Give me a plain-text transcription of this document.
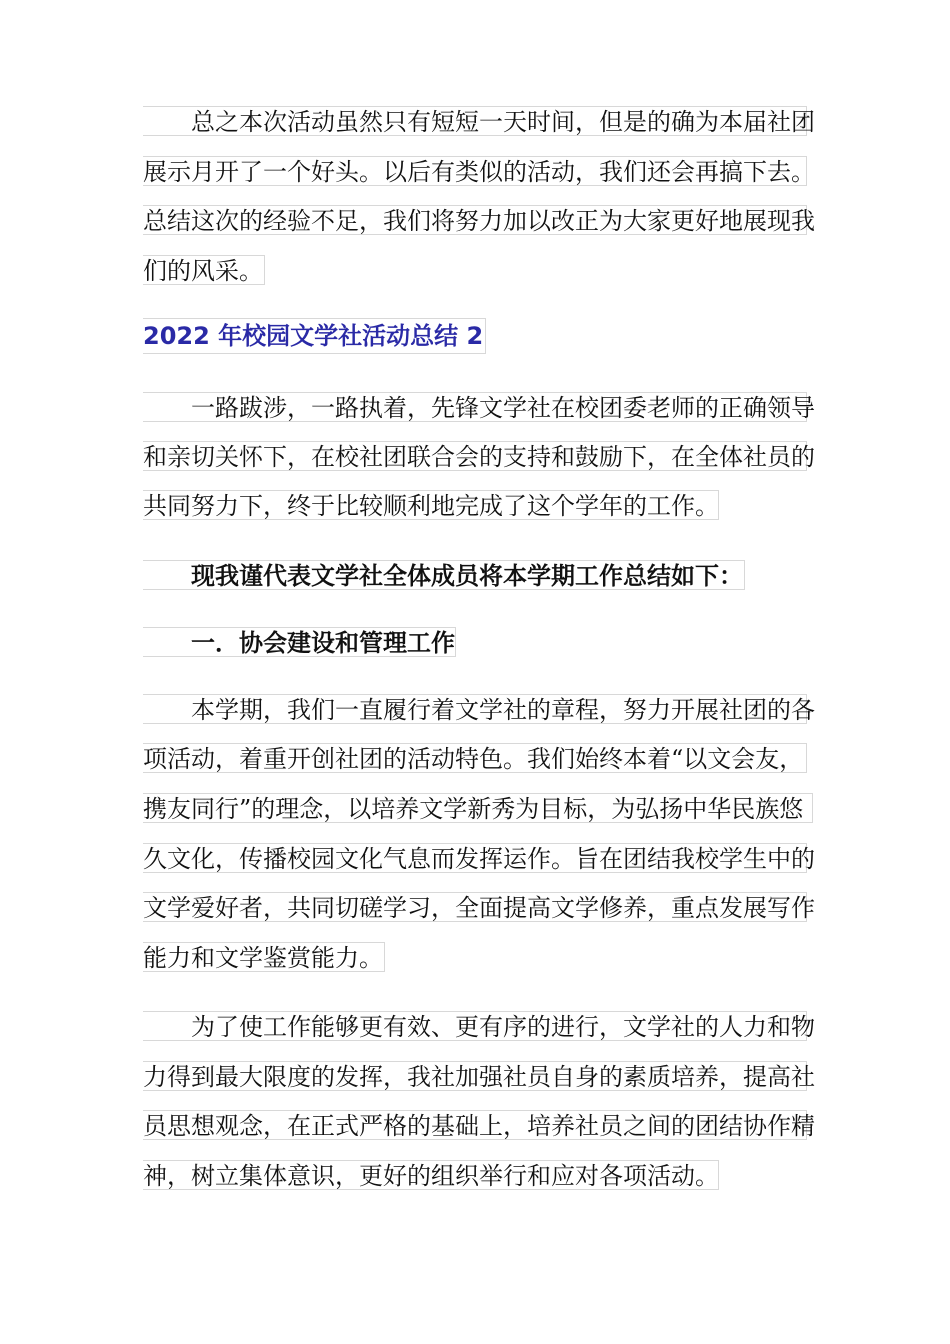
总之本次活动虽然只有短短一天时间，但是的确为本届社团
展示月开了一个好头。以后有类似的活动，我们还会再搞下去。
总结这次的经验不足，我们将努力加以改正为大家更好地展现我
们的风采。
2022 年校园文学社活动总结 2
一路跋涉，一路执着，先锋文学社在校团委老师的正确领导
和亲切关怀下，在校社团联合会的支持和鼓励下，在全体社员的
共同努力下，终于比较顺利地完成了这个学年的工作。
现我谨代表文学社全体成员将本学期工作总结如下：
一．协会建设和管理工作
本学期，我们一直履行着文学社的章程，努力开展社团的各
项活动，着重开创社团的活动特色。我们始终本着“以文会友，
携友同行”的理念，以培养文学新秀为目标，为弘扬中华民族悠
久文化，传播校园文化气息而发挥运作。旨在团结我校学生中的
文学爱好者，共同切磋学习，全面提高文学修养，重点发展写作
能力和文学鉴赏能力。
为了使工作能够更有效、更有序的进行，文学社的人力和物
力得到最大限度的发挥，我社加强社员自身的素质培养，提高社
员思想观念，在正式严格的基础上，培养社员之间的团结协作精
神，树立集体意识，更好的组织举行和应对各项活动。
